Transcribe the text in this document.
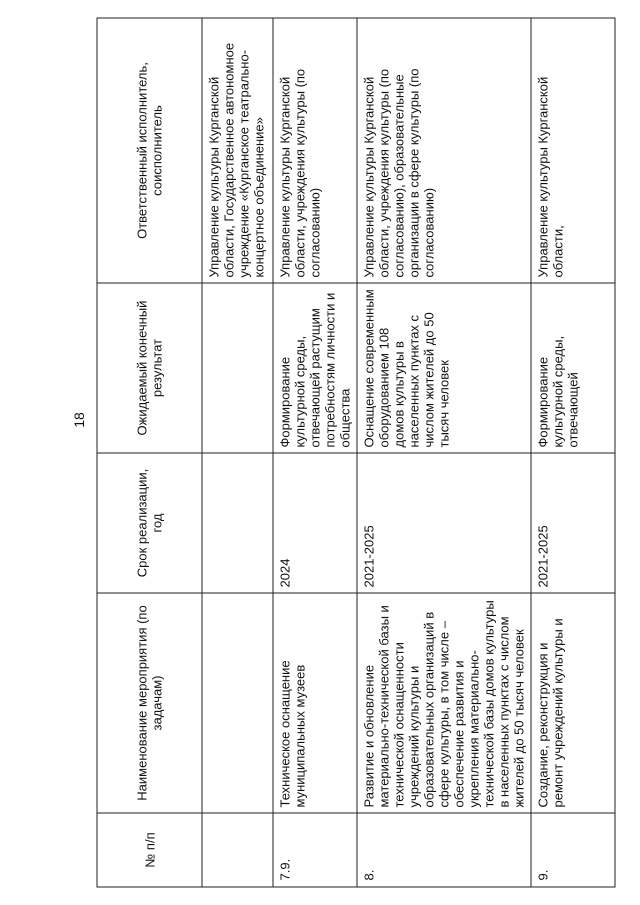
18
№ п/п	Наименование мероприятия (по задачам)	Срок реализации, год	Ожидаемый конечный результат	Ответственный исполнитель, соисполнитель

				Управление культуры Курганской области, Государственное автономное учреждение «Курганское театрально-концертное объединение»

7.9.	Техническое оснащение муниципальных музеев	2024	Формирование культурной среды, отвечающей растущим потребностям личности и общества	Управление культуры Курганской области, учреждения культуры (по согласованию)

8.	Развитие и обновление материально-технической базы и технической оснащенности учреждений культуры и образовательных организаций в сфере культуры, в том числе – обеспечение развития и укрепления материально-технической базы домов культуры в населенных пунктах с числом жителей до 50 тысяч человек	2021-2025	Оснащение современным оборудованием 108 домов культуры в населенных пунктах с числом жителей до 50 тысяч человек	Управление культуры Курганской области, учреждения культуры (по согласованию), образовательные организации в сфере культуры (по согласованию)

9.	Создание, реконструкция и ремонт учреждений культуры и	2021-2025	Формирование культурной среды, отвечающей	Управление культуры Курганской области,
